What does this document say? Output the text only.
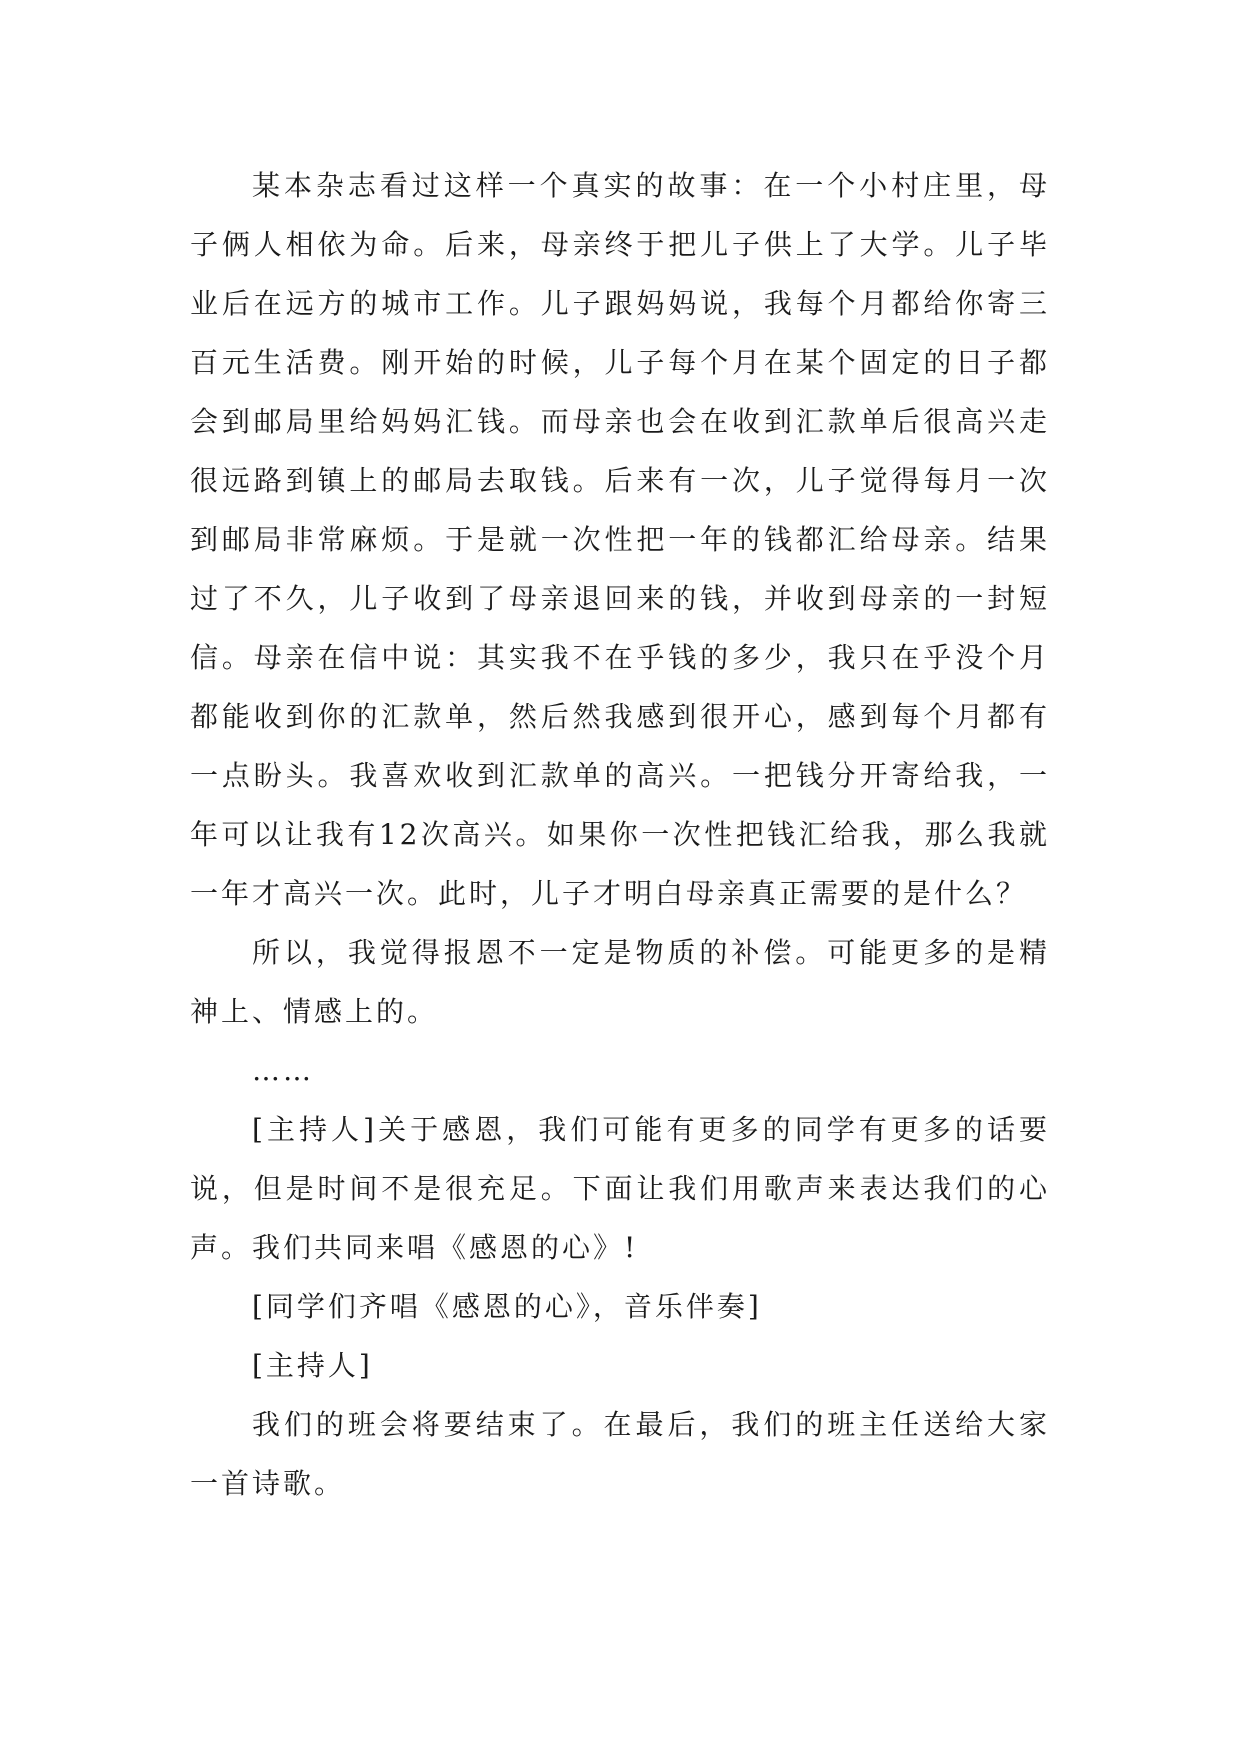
某本杂志看过这样一个真实的故事：在一个小村庄里，母子俩人相依为命。后来，母亲终于把儿子供上了大学。儿子毕业后在远方的城市工作。儿子跟妈妈说，我每个月都给你寄三百元生活费。刚开始的时候，儿子每个月在某个固定的日子都会到邮局里给妈妈汇钱。而母亲也会在收到汇款单后很高兴走很远路到镇上的邮局去取钱。后来有一次，儿子觉得每月一次到邮局非常麻烦。于是就一次性把一年的钱都汇给母亲。结果过了不久，儿子收到了母亲退回来的钱，并收到母亲的一封短信。母亲在信中说：其实我不在乎钱的多少，我只在乎没个月都能收到你的汇款单，然后然我感到很开心，感到每个月都有一点盼头。我喜欢收到汇款单的高兴。一把钱分开寄给我，一年可以让我有12次高兴。如果你一次性把钱汇给我，那么我就一年才高兴一次。此时，儿子才明白母亲真正需要的是什么？

所以，我觉得报恩不一定是物质的补偿。可能更多的是精神上、情感上的。

……

[主持人]关于感恩，我们可能有更多的同学有更多的话要说，但是时间不是很充足。下面让我们用歌声来表达我们的心声。我们共同来唱《感恩的心》!

[同学们齐唱《感恩的心》，音乐伴奏]

[主持人]

我们的班会将要结束了。在最后，我们的班主任送给大家一首诗歌。
